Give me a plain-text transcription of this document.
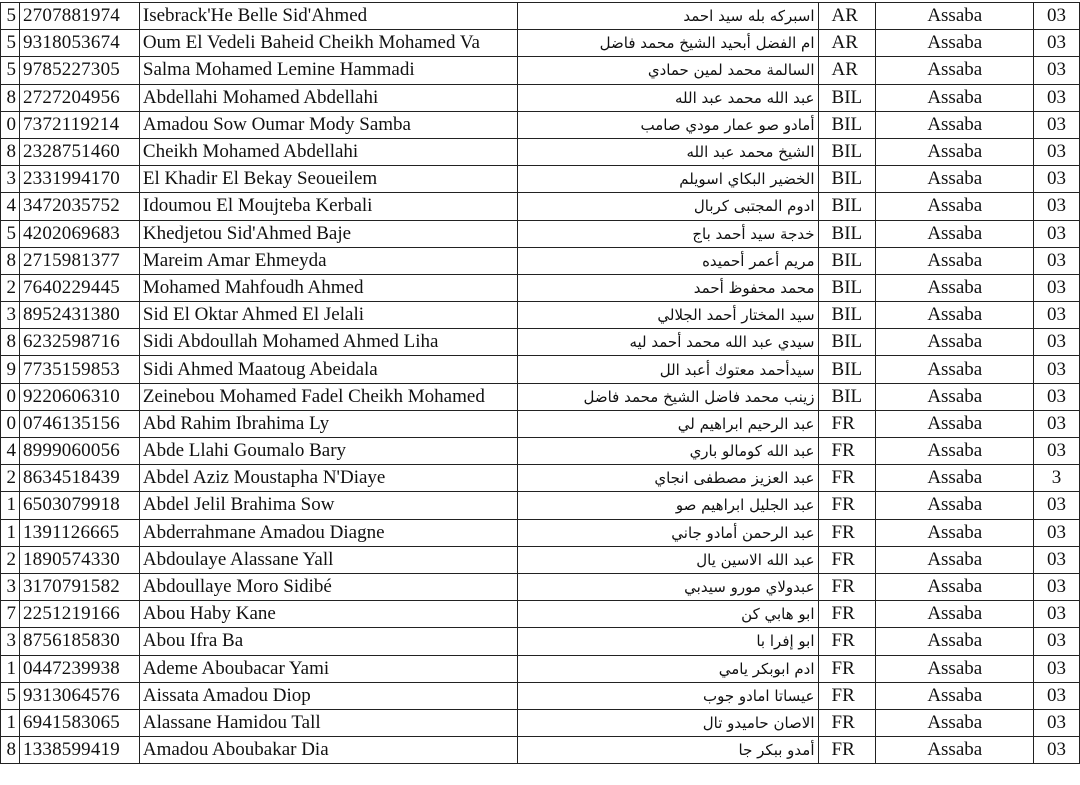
5	2707881974	Isebrack'He Belle Sid'Ahmed	اسبركه بله سيد احمد	AR	Assaba	03
5	9318053674	Oum El Vedeli Baheid Cheikh Mohamed Va	ام الفضل أبحيد الشيخ محمد فاضل	AR	Assaba	03
5	9785227305	Salma Mohamed Lemine Hammadi	السالمة محمد لمين حمادي	AR	Assaba	03
8	2727204956	Abdellahi Mohamed Abdellahi	عبد الله محمد عبد الله	BIL	Assaba	03
0	7372119214	Amadou Sow Oumar Mody Samba	أمادو صو عمار مودي صامب	BIL	Assaba	03
8	2328751460	Cheikh Mohamed Abdellahi	الشيخ محمد عبد الله	BIL	Assaba	03
3	2331994170	El Khadir El Bekay Seoueilem	الخضير البكاي اسويلم	BIL	Assaba	03
4	3472035752	Idoumou El Moujteba Kerbali	ادوم المجتبى كربال	BIL	Assaba	03
5	4202069683	Khedjetou Sid'Ahmed Baje	خدجة سيد أحمد باج	BIL	Assaba	03
8	2715981377	Mareim Amar Ehmeyda	مريم أعمر أحميده	BIL	Assaba	03
2	7640229445	Mohamed Mahfoudh Ahmed	محمد محفوظ أحمد	BIL	Assaba	03
3	8952431380	Sid El Oktar Ahmed El Jelali	سيد المختار أحمد الجلالي	BIL	Assaba	03
8	6232598716	Sidi Abdoullah Mohamed Ahmed Liha	سيدي عبد الله محمد أحمد ليه	BIL	Assaba	03
9	7735159853	Sidi Ahmed Maatoug Abeidala	سيدأحمد معتوك أعبد الل	BIL	Assaba	03
0	9220606310	Zeinebou Mohamed Fadel Cheikh Mohamed	زينب محمد فاضل الشيخ محمد فاضل	BIL	Assaba	03
0	0746135156	Abd Rahim Ibrahima Ly	عبد الرحيم ابراهيم لي	FR	Assaba	03
4	8999060056	Abde Llahi Goumalo Bary	عبد الله كومالو باري	FR	Assaba	03
2	8634518439	Abdel Aziz Moustapha N'Diaye	عبد العزيز مصطفى انجاي	FR	Assaba	3
1	6503079918	Abdel Jelil Brahima Sow	عبد الجليل ابراهيم صو	FR	Assaba	03
1	1391126665	Abderrahmane Amadou Diagne	عبد الرحمن أمادو جاني	FR	Assaba	03
2	1890574330	Abdoulaye Alassane Yall	عبد الله الاسين يال	FR	Assaba	03
3	3170791582	Abdoullaye Moro Sidibé	عبدولاي مورو سيدبي	FR	Assaba	03
7	2251219166	Abou Haby Kane	ابو هابي كن	FR	Assaba	03
3	8756185830	Abou Ifra Ba	ابو إفرا با	FR	Assaba	03
1	0447239938	Ademe Aboubacar Yami	ادم ابوبكر يامي	FR	Assaba	03
5	9313064576	Aissata Amadou Diop	عيساتا امادو جوب	FR	Assaba	03
1	6941583065	Alassane Hamidou Tall	الاصان حاميدو تال	FR	Assaba	03
8	1338599419	Amadou Aboubakar Dia	أمدو ببكر جا	FR	Assaba	03
